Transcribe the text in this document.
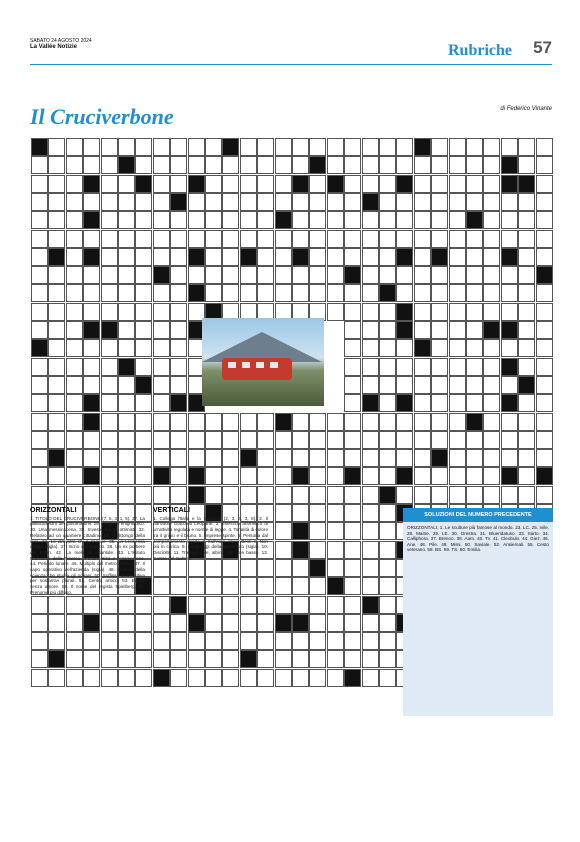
SABATO 24 AGOSTO 2024
La Vallée Notizie	Rubriche 57
Il Cruciverbone	di Federico Vinante
ORIZZONTALI
1. TITOLO DEL CRUCIVERBONE (7, 5, 3, 1, 5). 27. La pallacanestro dei giovanissimi. 29. Un gioco enigmistico. 30. Una messinscena. 31. Investe dei gli ottimisti. 32. Relativo ad un quartiere cittadino. 33. Il dittongo della spia. 34. Lo dimostra chi è sagace. 35. La Leonessa d'Italia (sigla). 37. Inizio dell'inverno. 38. Un ex portiere del Milan. 42. La mela di Atlantide. 43. L'Istituto Nazionale della Ricerca in Informatica e Automazione. 44. Periodo lunare. 46. Multiplo del metro (abbr.). 47. Il capo operativo dell'azienda (sigla). 48. Branca della scienza che studia gli oceani. 50. Suffissa accrescitiva per sostantivi plurali. 51. Centro antico. 53. Erinne senza amore. 55. Il nome del regista Spielberg. 57. Prenome più diffuso.
VERTICALI
1. Collega l'Italia e la Svizzera (2, 3, 4, 3, 8). 2. Il narratore Giacomo Leopardi. 3. Esercizio aritmetico di un'attività regolata e norme di legge. 4. Tonalità di colore tra il grigio e il bruno. 5. Imprese spinte. 6. Persona dal comportamento stolido. 7. Sull'auto, intermittenti. 8. Non più in carica. 9. La Quaggi della spettacolo (sigla). 10. Disciolto. 11. Travagli nete, albino. 12. Non basso. 13. Centro del Gallese.
SOLUZIONI DEL NUMERO PRECEDENTE
ORIZZONTALI: 1. Le sculture più famose al mondo. 23. LC. 25. Ivile. 28. Maitre. 29. LE. 30. Orestra. 31. Blueridatuso. 33. Sarto. 34. Calliphora. 37. Brenno. 38. Aarn. 40. Tv. 41. Cleobulo. 44. Giez. 46. Ane. 48. Pile. 49. Mimi. 50. Saviale. 52. Ansiemali. 55. Cesto veterano. 58. BS. 59. TS. 60. Emilia.
